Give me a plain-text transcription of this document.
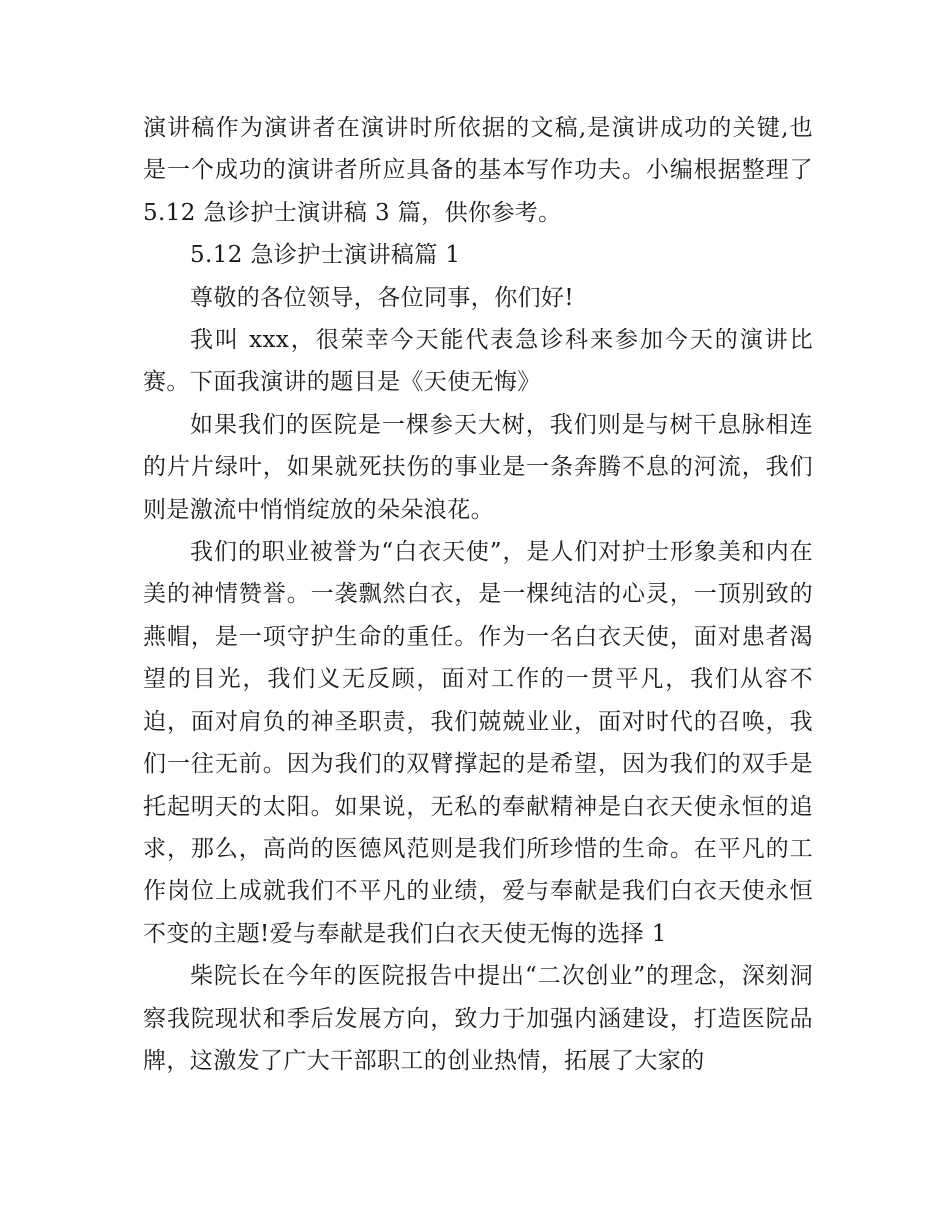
演讲稿作为演讲者在演讲时所依据的文稿,是演讲成功的关键,也是一个成功的演讲者所应具备的基本写作功夫。小编根据整理了 5.12 急诊护士演讲稿 3 篇，供你参考。

5.12 急诊护士演讲稿篇 1

尊敬的各位领导，各位同事，你们好!

我叫 xxx，很荣幸今天能代表急诊科来参加今天的演讲比赛。下面我演讲的题目是《天使无悔》

如果我们的医院是一棵参天大树，我们则是与树干息脉相连的片片绿叶，如果就死扶伤的事业是一条奔腾不息的河流，我们则是激流中悄悄绽放的朵朵浪花。

我们的职业被誉为“白衣天使”，是人们对护士形象美和内在美的神情赞誉。一袭飘然白衣，是一棵纯洁的心灵，一顶别致的燕帽，是一项守护生命的重任。作为一名白衣天使，面对患者渴望的目光，我们义无反顾，面对工作的一贯平凡，我们从容不迫，面对肩负的神圣职责，我们兢兢业业，面对时代的召唤，我们一往无前。因为我们的双臂撑起的是希望，因为我们的双手是托起明天的太阳。如果说，无私的奉献精神是白衣天使永恒的追求，那么，高尚的医德风范则是我们所珍惜的生命。在平凡的工作岗位上成就我们不平凡的业绩，爱与奉献是我们白衣天使永恒不变的主题!爱与奉献是我们白衣天使无悔的选择 1

柴院长在今年的医院报告中提出“二次创业”的理念，深刻洞察我院现状和季后发展方向，致力于加强内涵建设，打造医院品牌，这激发了广大干部职工的创业热情，拓展了大家的
